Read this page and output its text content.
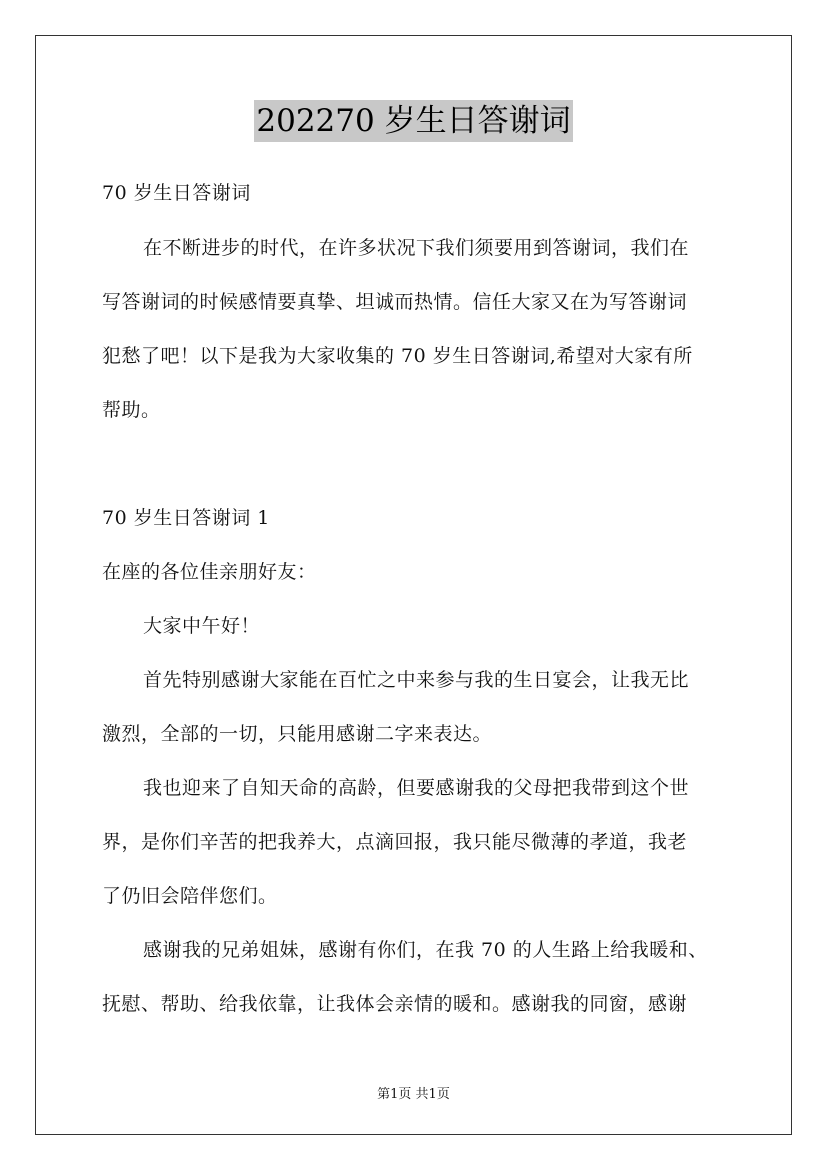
202270 岁生日答谢词
70 岁生日答谢词
在不断进步的时代，在许多状况下我们须要用到答谢词，我们在
写答谢词的时候感情要真挚、坦诚而热情。信任大家又在为写答谢词
犯愁了吧！以下是我为大家收集的 70 岁生日答谢词,希望对大家有所
帮助。
70 岁生日答谢词 1
在座的各位佳亲朋好友：
大家中午好！
首先特别感谢大家能在百忙之中来参与我的生日宴会，让我无比
激烈，全部的一切，只能用感谢二字来表达。
我也迎来了自知天命的高龄，但要感谢我的父母把我带到这个世
界，是你们辛苦的把我养大，点滴回报，我只能尽微薄的孝道，我老
了仍旧会陪伴您们。
感谢我的兄弟姐妹，感谢有你们，在我 70 的人生路上给我暖和、
抚慰、帮助、给我依靠，让我体会亲情的暖和。感谢我的同窗，感谢
第1页 共1页
